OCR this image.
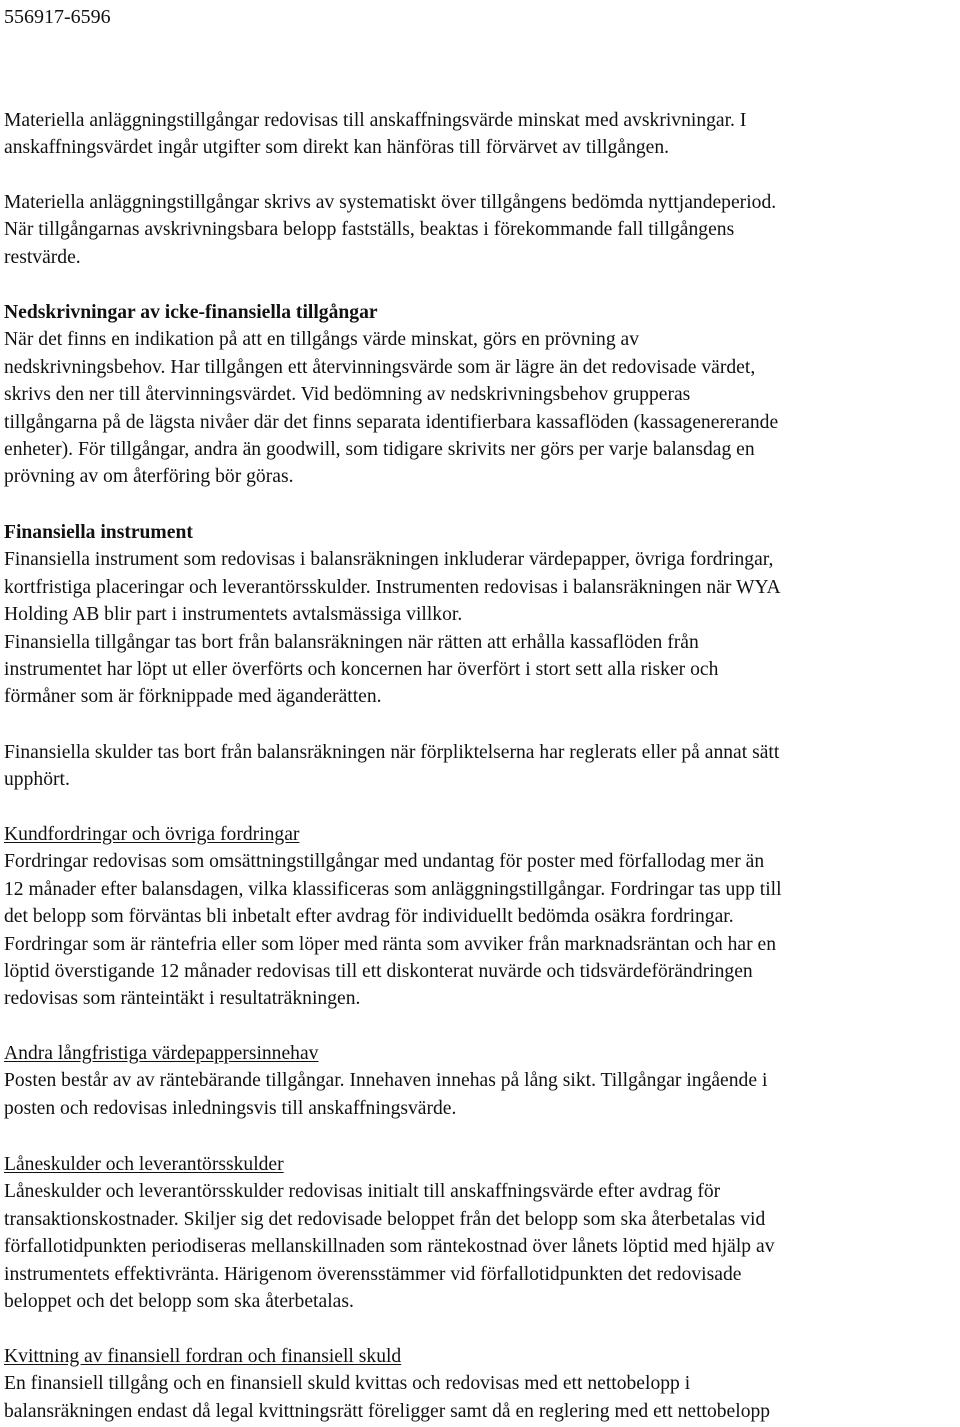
556917-6596
Materiella anläggningstillgångar redovisas till anskaffningsvärde minskat med avskrivningar. I
anskaffningsvärdet ingår utgifter som direkt kan hänföras till förvärvet av tillgången.
Materiella anläggningstillgångar skrivs av systematiskt över tillgångens bedömda nyttjandeperiod.
När tillgångarnas avskrivningsbara belopp fastställs, beaktas i förekommande fall tillgångens
restvärde.
Nedskrivningar av icke-finansiella tillgångar
När det finns en indikation på att en tillgångs värde minskat, görs en prövning av
nedskrivningsbehov. Har tillgången ett återvinningsvärde som är lägre än det redovisade värdet,
skrivs den ner till återvinningsvärdet. Vid bedömning av nedskrivningsbehov grupperas
tillgångarna på de lägsta nivåer där det finns separata identifierbara kassaflöden (kassagenererande
enheter). För tillgångar, andra än goodwill, som tidigare skrivits ner görs per varje balansdag en
prövning av om återföring bör göras.
Finansiella instrument
Finansiella instrument som redovisas i balansräkningen inkluderar värdepapper, övriga fordringar,
kortfristiga placeringar och leverantörsskulder. Instrumenten redovisas i balansräkningen när WYA
Holding AB blir part i instrumentets avtalsmässiga villkor.
Finansiella tillgångar tas bort från balansräkningen när rätten att erhålla kassaflöden från
instrumentet har löpt ut eller överförts och koncernen har överfört i stort sett alla risker och
förmåner som är förknippade med äganderätten.
Finansiella skulder tas bort från balansräkningen när förpliktelserna har reglerats eller på annat sätt
upphört.
Kundfordringar och övriga fordringar
Fordringar redovisas som omsättningstillgångar med undantag för poster med förfallodag mer än
12 månader efter balansdagen, vilka klassificeras som anläggningstillgångar. Fordringar tas upp till
det belopp som förväntas bli inbetalt efter avdrag för individuellt bedömda osäkra fordringar.
Fordringar som är räntefria eller som löper med ränta som avviker från marknadsräntan och har en
löptid överstigande 12 månader redovisas till ett diskonterat nuvärde och tidsvärdeförändringen
redovisas som ränteintäkt i resultaträkningen.
Andra långfristiga värdepappersinnehav
Posten består av av räntebärande tillgångar. Innehaven innehas på lång sikt. Tillgångar ingående i
posten och redovisas inledningsvis till anskaffningsvärde.
Låneskulder och leverantörsskulder
Låneskulder och leverantörsskulder redovisas initialt till anskaffningsvärde efter avdrag för
transaktionskostnader. Skiljer sig det redovisade beloppet från det belopp som ska återbetalas vid
förfallotidpunkten periodiseras mellanskillnaden som räntekostnad över lånets löptid med hjälp av
instrumentets effektivränta. Härigenom överensstämmer vid förfallotidpunkten det redovisade
beloppet och det belopp som ska återbetalas.
Kvittning av finansiell fordran och finansiell skuld
En finansiell tillgång och en finansiell skuld kvittas och redovisas med ett nettobelopp i
balansräkningen endast då legal kvittningsrätt föreligger samt då en reglering med ett nettobelopp
